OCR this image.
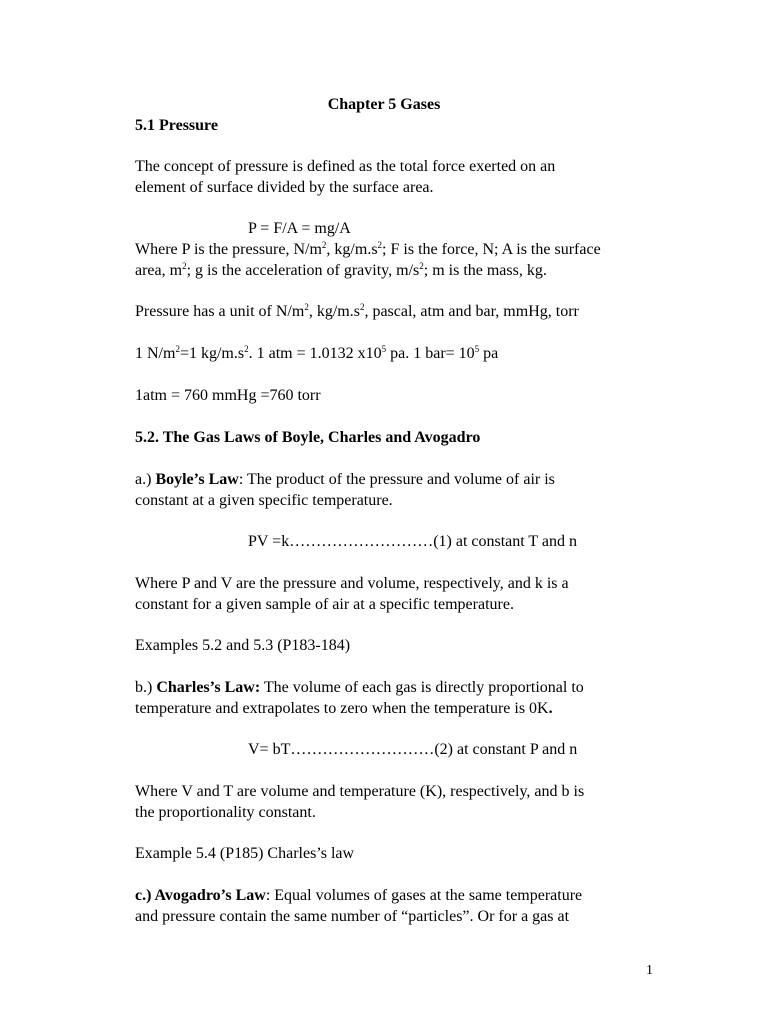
Chapter 5 Gases
5.1 Pressure
The concept of pressure is defined as the total force exerted on an
element of surface divided by the surface area.
P = F/A = mg/A
Where P is the pressure, $N/m^2$, $kg/m.s^2$; F is the force, N; A is the surface
area, $m^2$; g is the acceleration of gravity, $m/s^2$; m is the mass, kg.
Pressure has a unit of $N/m^2$, $kg/m.s^2$, pascal, atm and bar, mmHg, torr
1 $N/m^2=1$ $kg/m.s^2$. 1 atm = 1.0132 $x10^5$ pa. 1 $bar= 10^5$ pa
1atm = 760 mmHg =760 torr
5.2. The Gas Laws of Boyle, Charles and Avogadro
a.) Boyle’s Law: The product of the pressure and volume of air is
constant at a given specific temperature.
PV =k………………………(1) at constant T and n
Where P and V are the pressure and volume, respectively, and k is a
constant for a given sample of air at a specific temperature.
Examples 5.2 and 5.3 (P183-184)
b.) Charles’s Law: The volume of each gas is directly proportional to
temperature and extrapolates to zero when the temperature is 0K.
V= bT………………………(2) at constant P and n
Where V and T are volume and temperature (K), respectively, and b is
the proportionality constant.
Example 5.4 (P185) Charles’s law
c.) Avogadro’s Law: Equal volumes of gases at the same temperature
and pressure contain the same number of “particles”. Or for a gas at
1
